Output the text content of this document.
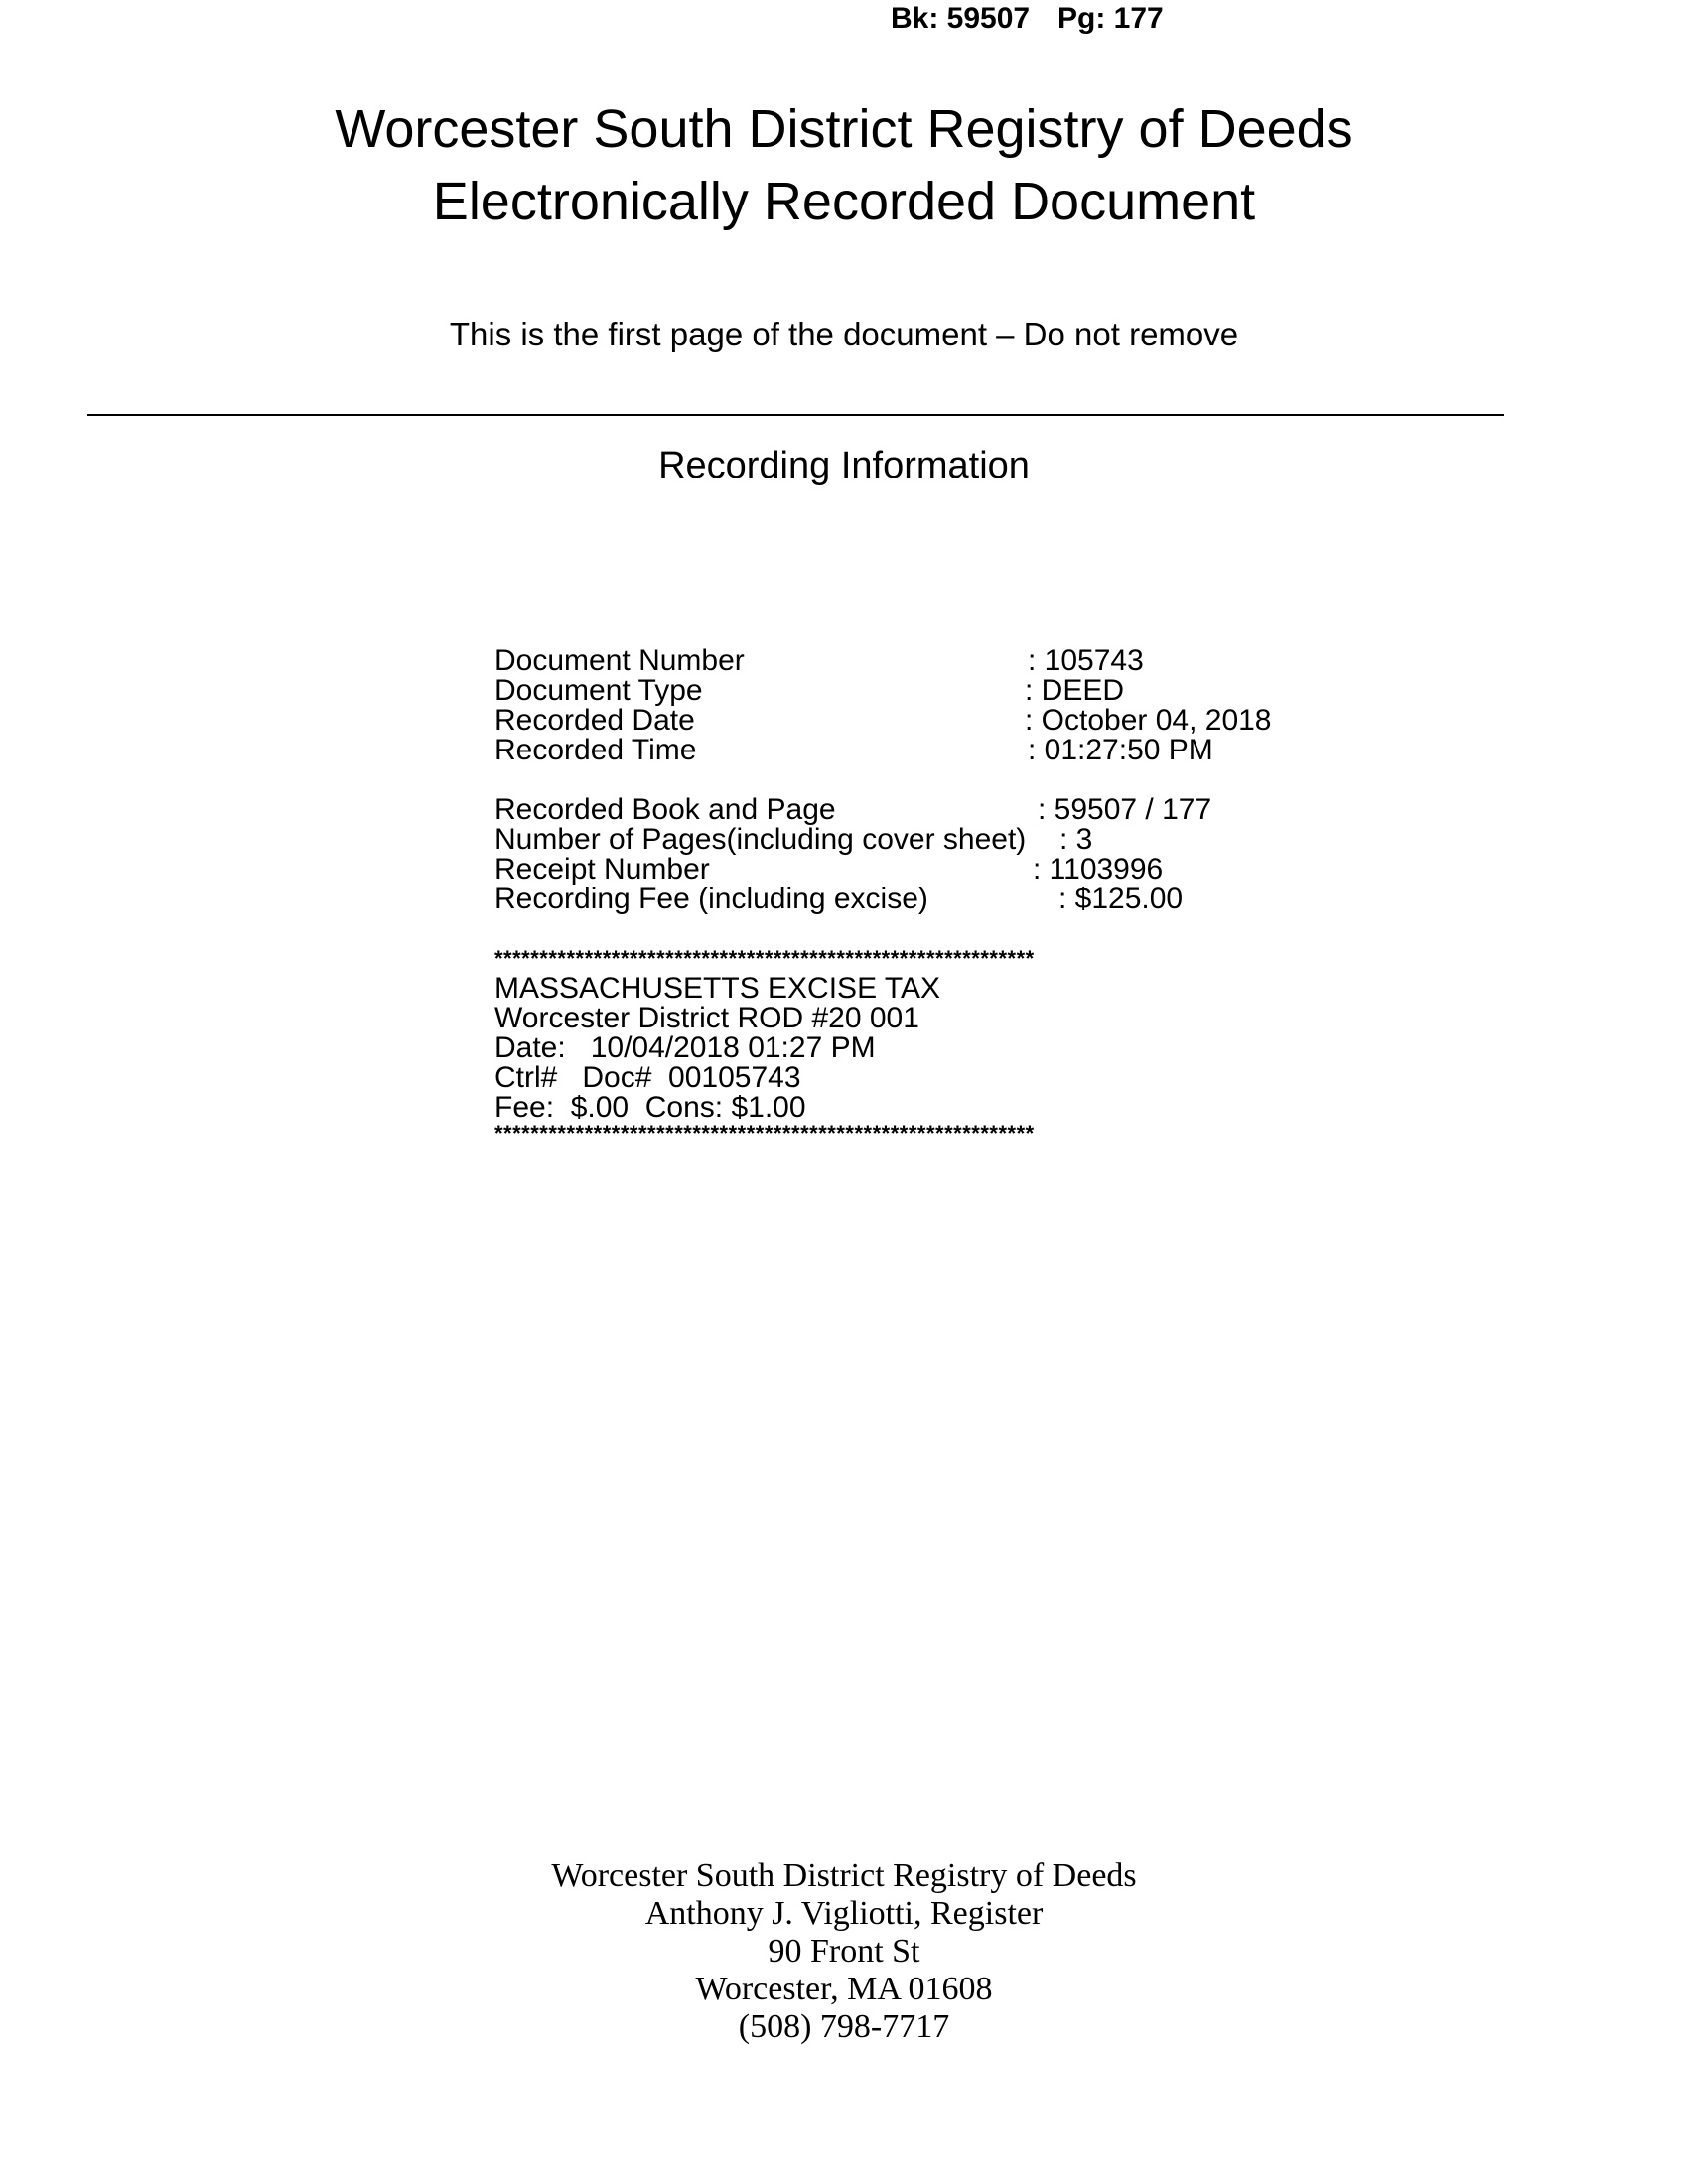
Bk: 59507

Pg: 177

Worcester South District Registry of Deeds
Electronically Recorded Document
This is the first page of the document – Do not remove
Recording Information
Document Number	: 105743
Document Type	: DEED
Recorded Date	: October 04, 2018
Recorded Time	: 01:27:50 PM
Recorded Book and Page	: 59507 / 177
Number of Pages(including cover sheet) : 3
Receipt Number	: 1103996
Recording Fee (including excise)	: $125.00
************************************************************
MASSACHUSETTS EXCISE TAX
Worcester District ROD #20 001
Date:   10/04/2018 01:27 PM
Ctrl#   Doc#  00105743
Fee:  $.00  Cons: $1.00
************************************************************
Worcester South District Registry of Deeds
Anthony J. Vigliotti, Register
90 Front St
Worcester, MA 01608
(508) 798-7717
